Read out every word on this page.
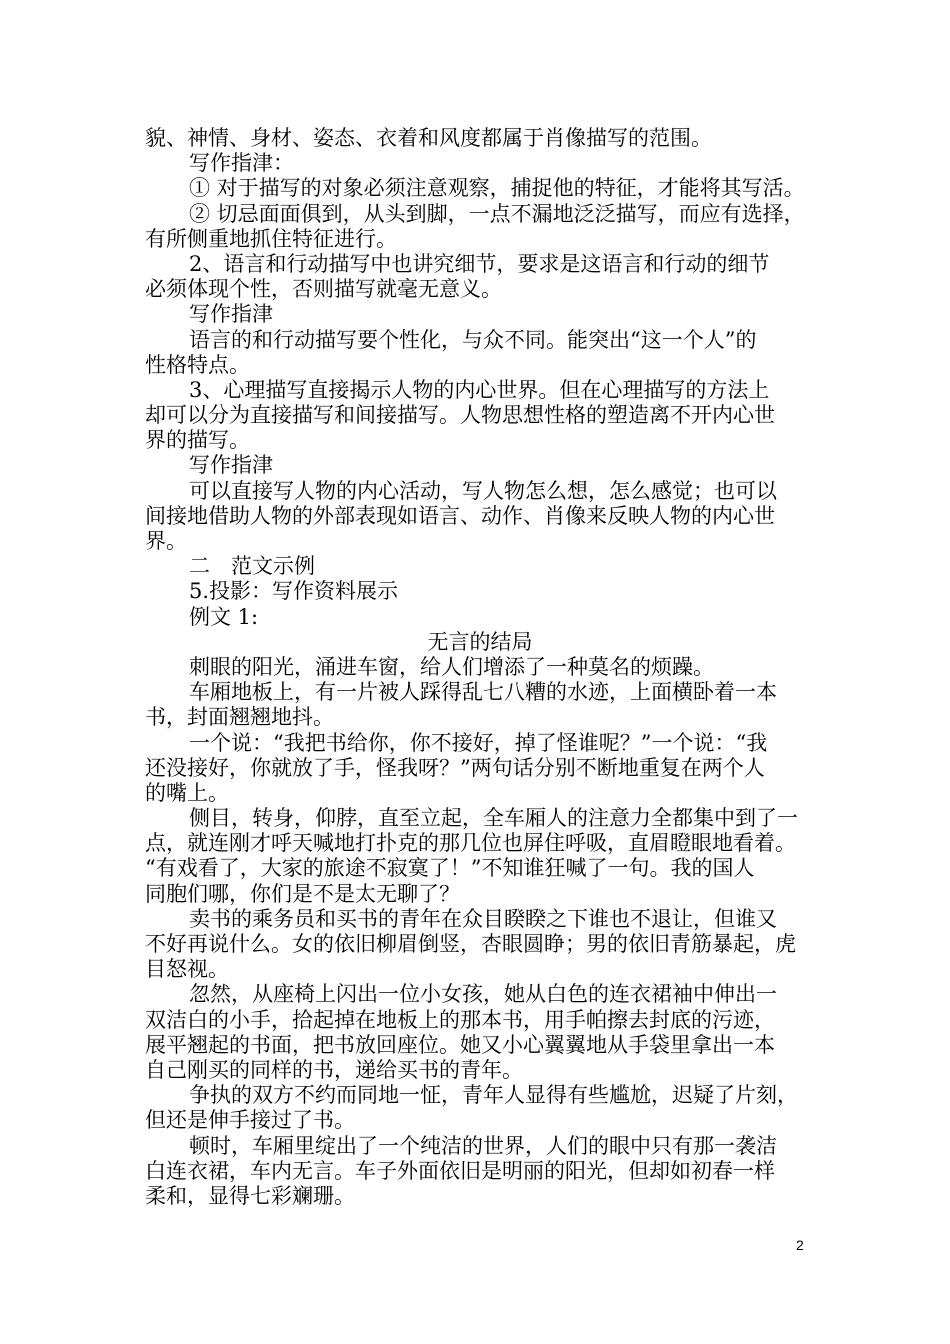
貌、神情、身材、姿态、衣着和风度都属于肖像描写的范围。

写作指津：

① 对于描写的对象必须注意观察，捕捉他的特征，才能将其写活。

② 切忌面面俱到，从头到脚，一点不漏地泛泛描写，而应有选择，

有所侧重地抓住特征进行。

2、语言和行动描写中也讲究细节，要求是这语言和行动的细节

必须体现个性，否则描写就毫无意义。

写作指津

语言的和行动描写要个性化，与众不同。能突出“这一个人”的

性格特点。

3、心理描写直接揭示人物的内心世界。但在心理描写的方法上

却可以分为直接描写和间接描写。人物思想性格的塑造离不开内心世

界的描写。

写作指津

可以直接写人物的内心活动，写人物怎么想，怎么感觉；也可以

间接地借助人物的外部表现如语言、动作、肖像来反映人物的内心世

界。

二　范文示例

5.投影：写作资料展示

例文 1:

无言的结局

刺眼的阳光，涌进车窗，给人们增添了一种莫名的烦躁。

车厢地板上，有一片被人踩得乱七八糟的水迹，上面横卧着一本

书，封面翘翘地抖。

一个说：“我把书给你，你不接好，掉了怪谁呢？”一个说：“我

还没接好，你就放了手，怪我呀？”两句话分别不断地重复在两个人

的嘴上。

侧目，转身，仰脖，直至立起，全车厢人的注意力全都集中到了一

点，就连刚才呼天喊地打扑克的那几位也屏住呼吸，直眉瞪眼地看着。

“有戏看了，大家的旅途不寂寞了！”不知谁狂喊了一句。我的国人

同胞们哪，你们是不是太无聊了？

卖书的乘务员和买书的青年在众目睽睽之下谁也不退让，但谁又

不好再说什么。女的依旧柳眉倒竖，杏眼圆睁；男的依旧青筋暴起，虎

目怒视。

忽然，从座椅上闪出一位小女孩，她从白色的连衣裙袖中伸出一

双洁白的小手，拾起掉在地板上的那本书，用手帕擦去封底的污迹，

展平翘起的书面，把书放回座位。她又小心翼翼地从手袋里拿出一本

自己刚买的同样的书，递给买书的青年。

争执的双方不约而同地一怔，青年人显得有些尴尬，迟疑了片刻，

但还是伸手接过了书。

顿时，车厢里绽出了一个纯洁的世界，人们的眼中只有那一袭洁

白连衣裙，车内无言。车子外面依旧是明丽的阳光，但却如初春一样

柔和，显得七彩斓珊。

2
